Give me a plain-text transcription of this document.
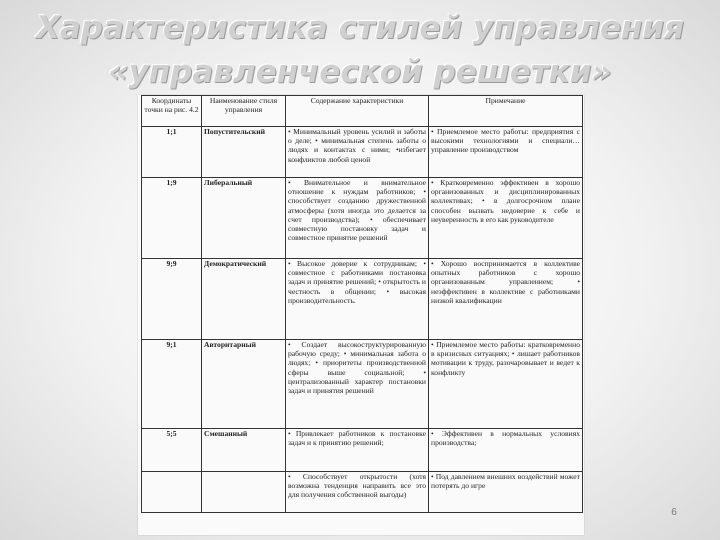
Характеристика стилей управления
«управленческой решетки»
Координаты точки на рис. 4.2	Наименование стиля управления	Содержание характеристики	Примечание
1;1	Попустительский	• Минимальный уровень усилий и заботы о деле; • минимальная степень заботы о людях и контактах с ними; •избегает конфликтов любой ценой	• Приемлемое место работы: предприятия с высокими технологиями и специали… управление производством
1;9	Либеральный	• Внимательное и внимательное отношение к нуждам работников; • способствует созданию дружественной атмосферы (хотя иногда это делается за счет производства); • обеспечивает совместную постановку задач и совместное принятие решений	• Кратковременно эффективен в хорошо организованных и дисциплинированных коллективах; • в долгосрочном плане способен вызвать недоверие к себе и неуверенность в его как руководителе
9;9	Демократический	• Высокое доверие к сотрудникам; • совместное с работниками постановка задач и принятие решений; • открытость и честность в общении; • высокая производительность.	• Хорошо воспринимается в коллективе опытных работников с хорошо организованным управлением; • неэффективен в коллективе с работниками низкой квалификации
9;1	Авторитарный	• Создает высокоструктурированную рабочую среду; • минимальная забота о людях; • приоритеты производственной сферы выше социальной; • централизованный характер постановки задач и принятия решений	• Приемлемое место работы: кратковременно в кризисных ситуациях; • лишает работников мотивации к труду, разочаровывает и ведет к конфликту
5;5	Смешанный	• Привлекает работников к постановке задач и к принятию решений;	• Эффективен в нормальных условиях производства;
		• Способствует открытости (хотя возможна тенденция направить все это для получения собственной выгоды)	• Под давлением внешних воздействий может потерять до игре
6
